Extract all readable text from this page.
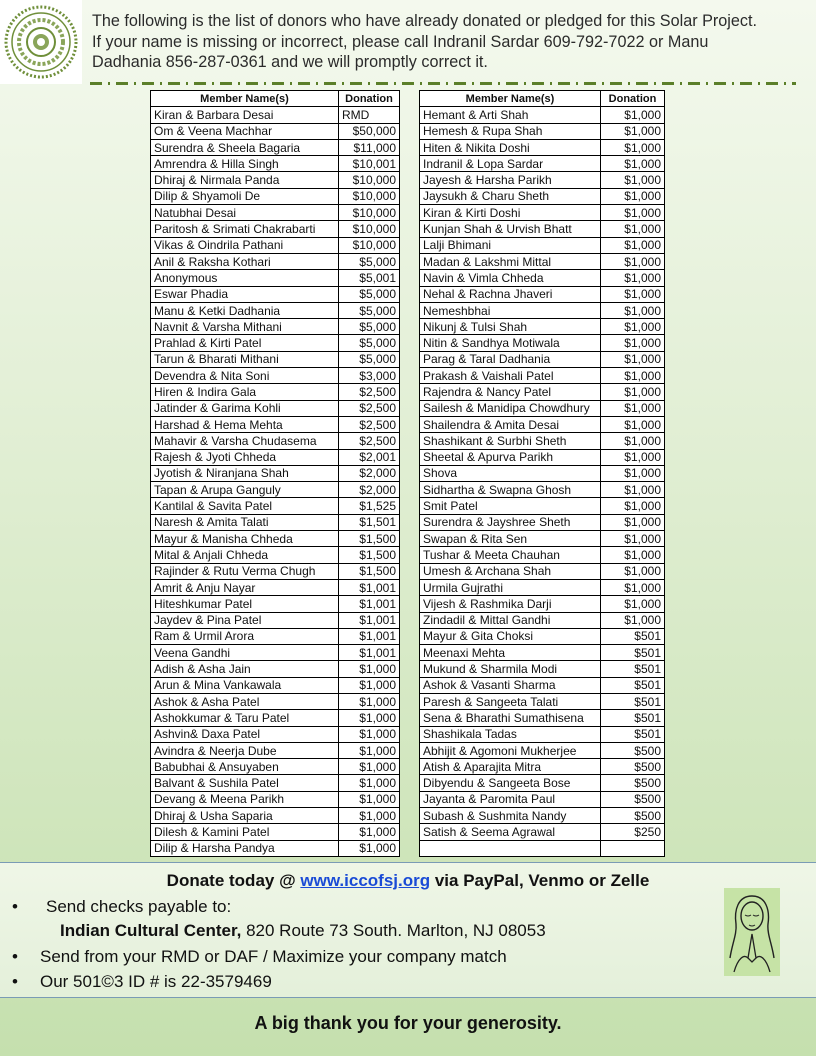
The following is the list of donors who have already donated or pledged for this Solar Project.
If your name is missing or incorrect, please call Indranil Sardar 609-792-7022 or Manu
Dadhania 856-287-0361 and we will promptly correct it.
Member Name(s)	Donation
Kiran & Barbara Desai	RMD
Om & Veena Machhar	$50,000
Surendra & Sheela Bagaria	$11,000
Amrendra & Hilla Singh	$10,001
Dhiraj & Nirmala Panda	$10,000
Dilip & Shyamoli De	$10,000
Natubhai Desai	$10,000
Paritosh & Srimati Chakrabarti	$10,000
Vikas & Oindrila Pathani	$10,000
Anil & Raksha Kothari	$5,000
Anonymous	$5,001
Eswar Phadia	$5,000
Manu & Ketki Dadhania	$5,000
Navnit & Varsha Mithani	$5,000
Prahlad & Kirti Patel	$5,000
Tarun & Bharati Mithani	$5,000
Devendra & Nita Soni	$3,000
Hiren & Indira Gala	$2,500
Jatinder & Garima Kohli	$2,500
Harshad & Hema Mehta	$2,500
Mahavir & Varsha Chudasema	$2,500
Rajesh & Jyoti Chheda	$2,001
Jyotish & Niranjana Shah	$2,000
Tapan & Arupa Ganguly	$2,000
Kantilal & Savita Patel	$1,525
Naresh & Amita Talati	$1,501
Mayur & Manisha Chheda	$1,500
Mital & Anjali Chheda	$1,500
Rajinder & Rutu Verma Chugh	$1,500
Amrit & Anju Nayar	$1,001
Hiteshkumar Patel	$1,001
Jaydev & Pina Patel	$1,001
Ram & Urmil Arora	$1,001
Veena Gandhi	$1,001
Adish & Asha Jain	$1,000
Arun & Mina Vankawala	$1,000
Ashok & Asha Patel	$1,000
Ashokkumar & Taru Patel	$1,000
Ashvin& Daxa Patel	$1,000
Avindra & Neerja Dube	$1,000
Babubhai & Ansuyaben	$1,000
Balvant & Sushila Patel	$1,000
Devang & Meena Parikh	$1,000
Dhiraj & Usha Saparia	$1,000
Dilesh & Kamini Patel	$1,000
Dilip & Harsha Pandya	$1,000
Member Name(s)	Donation
Hemant & Arti Shah	$1,000
Hemesh & Rupa Shah	$1,000
Hiten & Nikita Doshi	$1,000
Indranil & Lopa Sardar	$1,000
Jayesh & Harsha Parikh	$1,000
Jaysukh & Charu Sheth	$1,000
Kiran & Kirti Doshi	$1,000
Kunjan Shah & Urvish Bhatt	$1,000
Lalji Bhimani	$1,000
Madan & Lakshmi Mittal	$1,000
Navin & Vimla Chheda	$1,000
Nehal & Rachna Jhaveri	$1,000
Nemeshbhai	$1,000
Nikunj & Tulsi Shah	$1,000
Nitin & Sandhya Motiwala	$1,000
Parag & Taral Dadhania	$1,000
Prakash & Vaishali Patel	$1,000
Rajendra & Nancy Patel	$1,000
Sailesh & Manidipa Chowdhury	$1,000
Shailendra & Amita Desai	$1,000
Shashikant & Surbhi Sheth	$1,000
Sheetal & Apurva Parikh	$1,000
Shova	$1,000
Sidhartha & Swapna Ghosh	$1,000
Smit Patel	$1,000
Surendra & Jayshree Sheth	$1,000
Swapan & Rita Sen	$1,000
Tushar & Meeta Chauhan	$1,000
Umesh & Archana Shah	$1,000
Urmila Gujrathi	$1,000
Vijesh & Rashmika Darji	$1,000
Zindadil & Mittal Gandhi	$1,000
Mayur & Gita Choksi	$501
Meenaxi Mehta	$501
Mukund & Sharmila Modi	$501
Ashok & Vasanti Sharma	$501
Paresh & Sangeeta Talati	$501
Sena & Bharathi Sumathisena	$501
Shashikala Tadas	$501
Abhijit & Agomoni Mukherjee	$500
Atish & Aparajita Mitra	$500
Dibyendu & Sangeeta Bose	$500
Jayanta & Paromita Paul	$500
Subash & Sushmita Nandy	$500
Satish & Seema Agrawal	$250

Donate today @ www.iccofsj.org via PayPal, Venmo or Zelle
• Send checks payable to:
Indian Cultural Center, 820 Route 73 South. Marlton, NJ 08053
• Send from your RMD or DAF / Maximize your company match
• Our 501©3 ID # is 22-3579469
A big thank you for your generosity.
